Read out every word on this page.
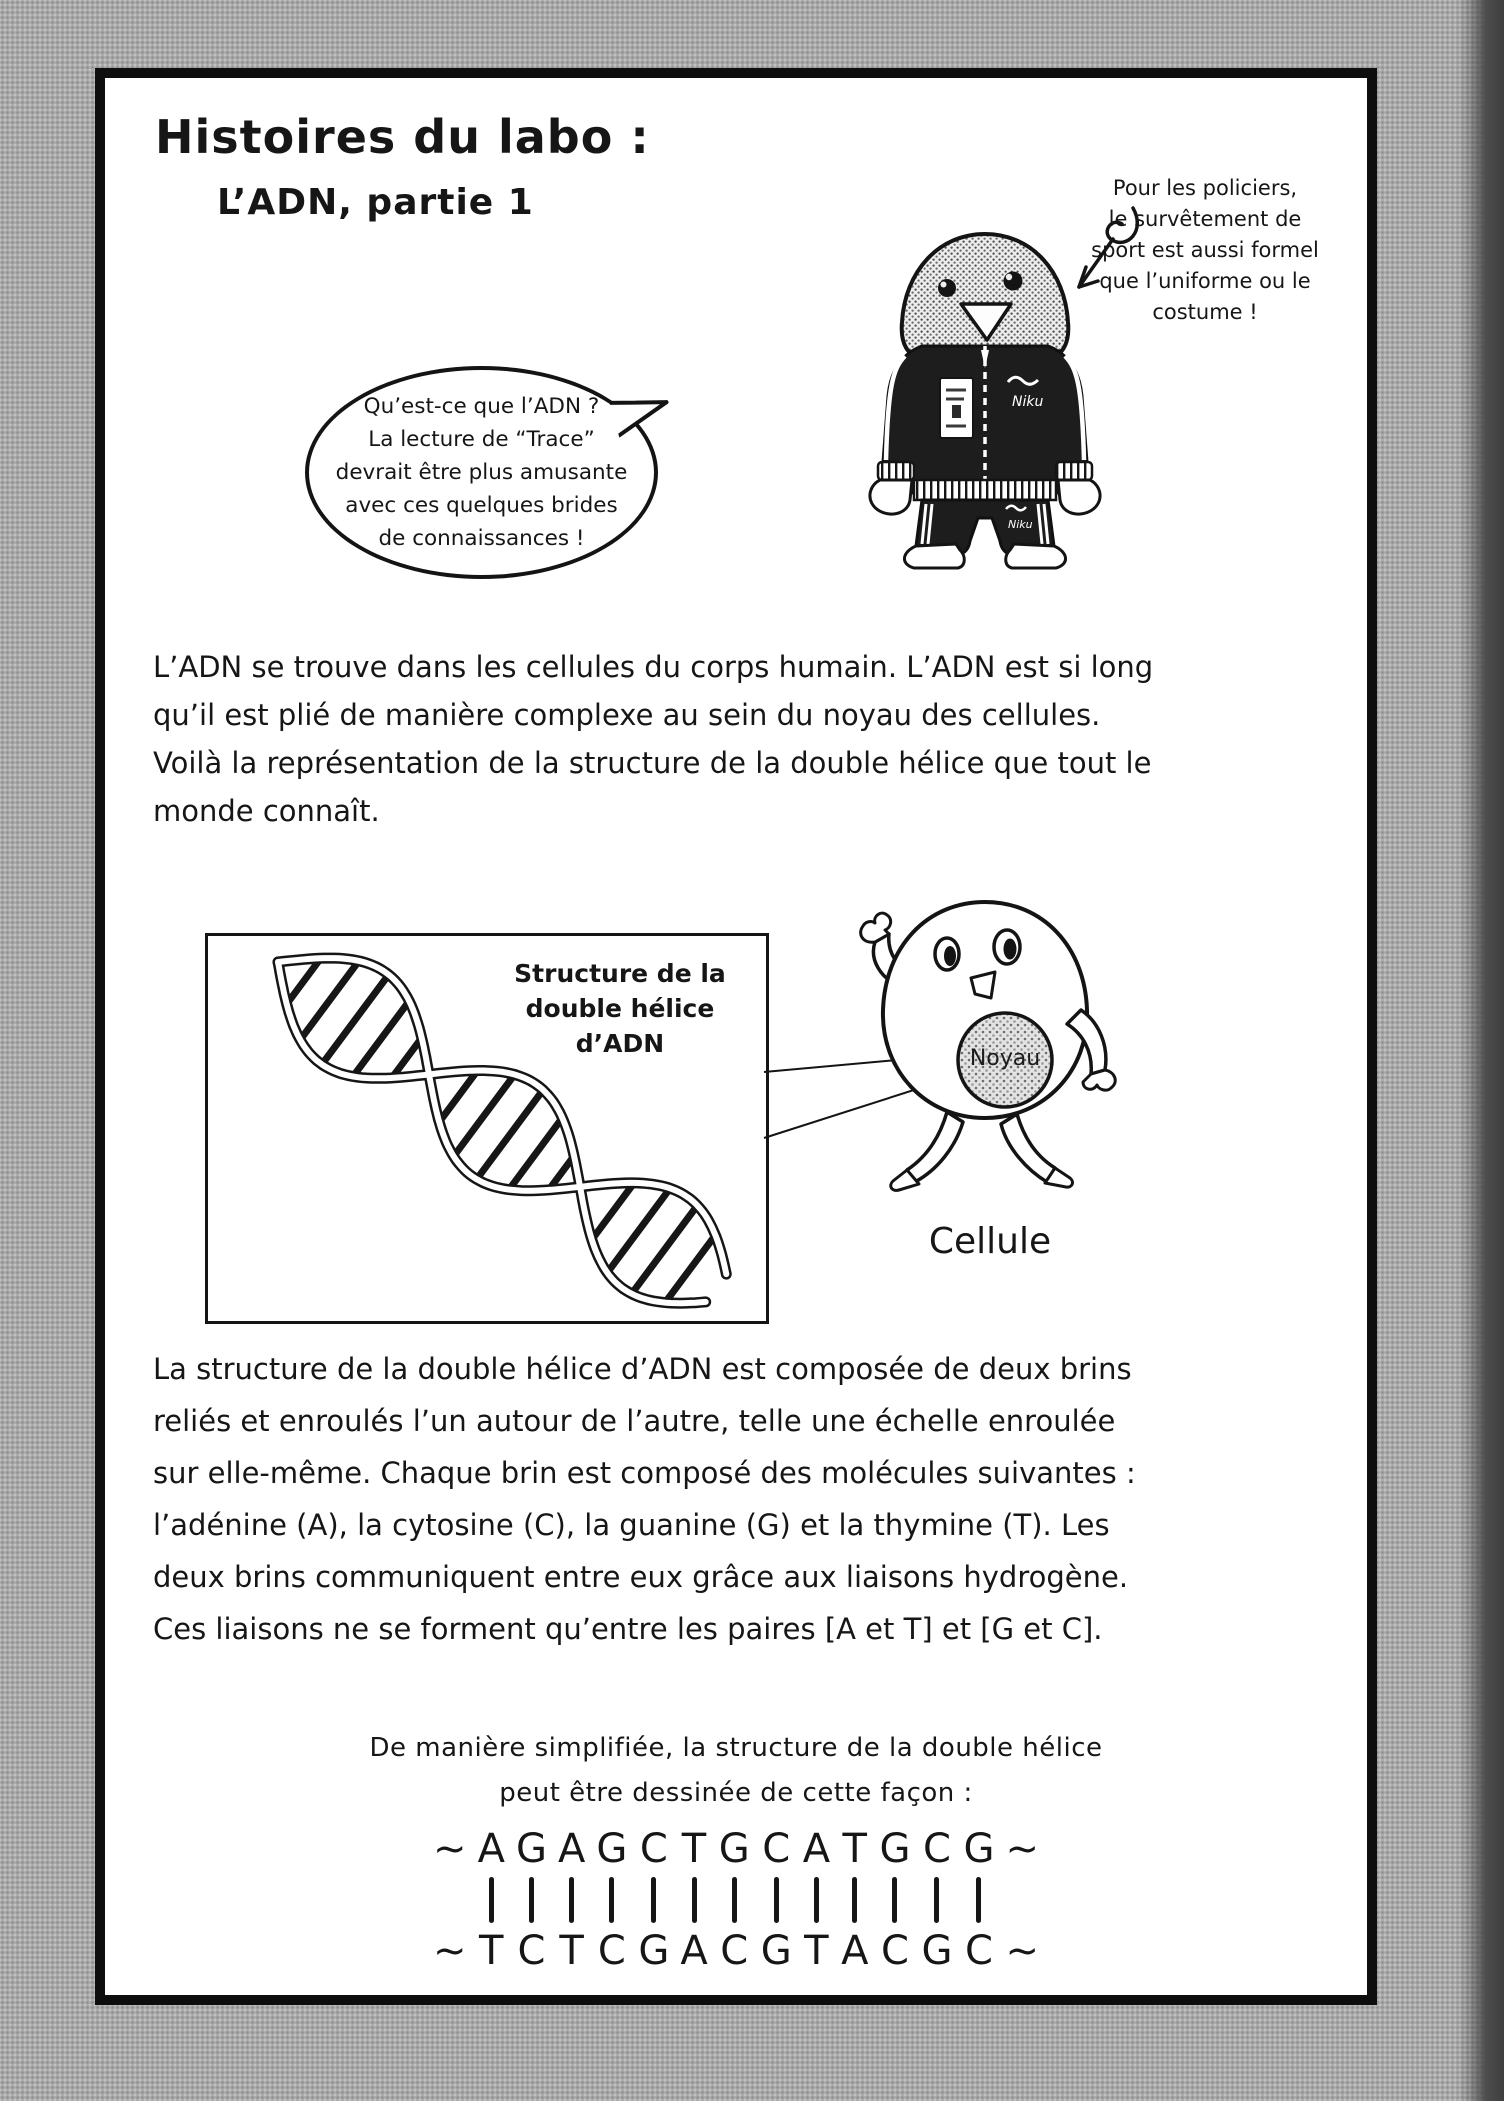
Histoires du labo :
L’ADN, partie 1
Qu’est-ce que l’ADN ?
La lecture de “Trace”
devrait être plus amusante
avec ces quelques brides
de connaissances !
Niku
Niku
Pour les policiers,
le survêtement de
sport est aussi formel
que l’uniforme ou le
costume !
L’ADN se trouve dans les cellules du corps humain. L’ADN est si long
qu’il est plié de manière complexe au sein du noyau des cellules.
Voilà la représentation de la structure de la double hélice que tout le
monde connaît.
Structure de la
double hélice d’ADN
Noyau
Cellule
La structure de la double hélice d’ADN est composée de deux brins
reliés et enroulés l’un autour de l’autre, telle une échelle enroulée
sur elle-même. Chaque brin est composé des molécules suivantes :
l’adénine (A), la cytosine (C), la guanine (G) et la thymine (T). Les
deux brins communiquent entre eux grâce aux liaisons hydrogène.
Ces liaisons ne se forment qu’entre les paires [A et T] et [G et C].
De manière simplifiée, la structure de la double hélice
peut être dessinée de cette façon :
~
~
A
T
G
C
A
T
G
C
C
G
T
A
G
C
C
G
A
T
T
A
G
C
C
G
G
C
~
~
